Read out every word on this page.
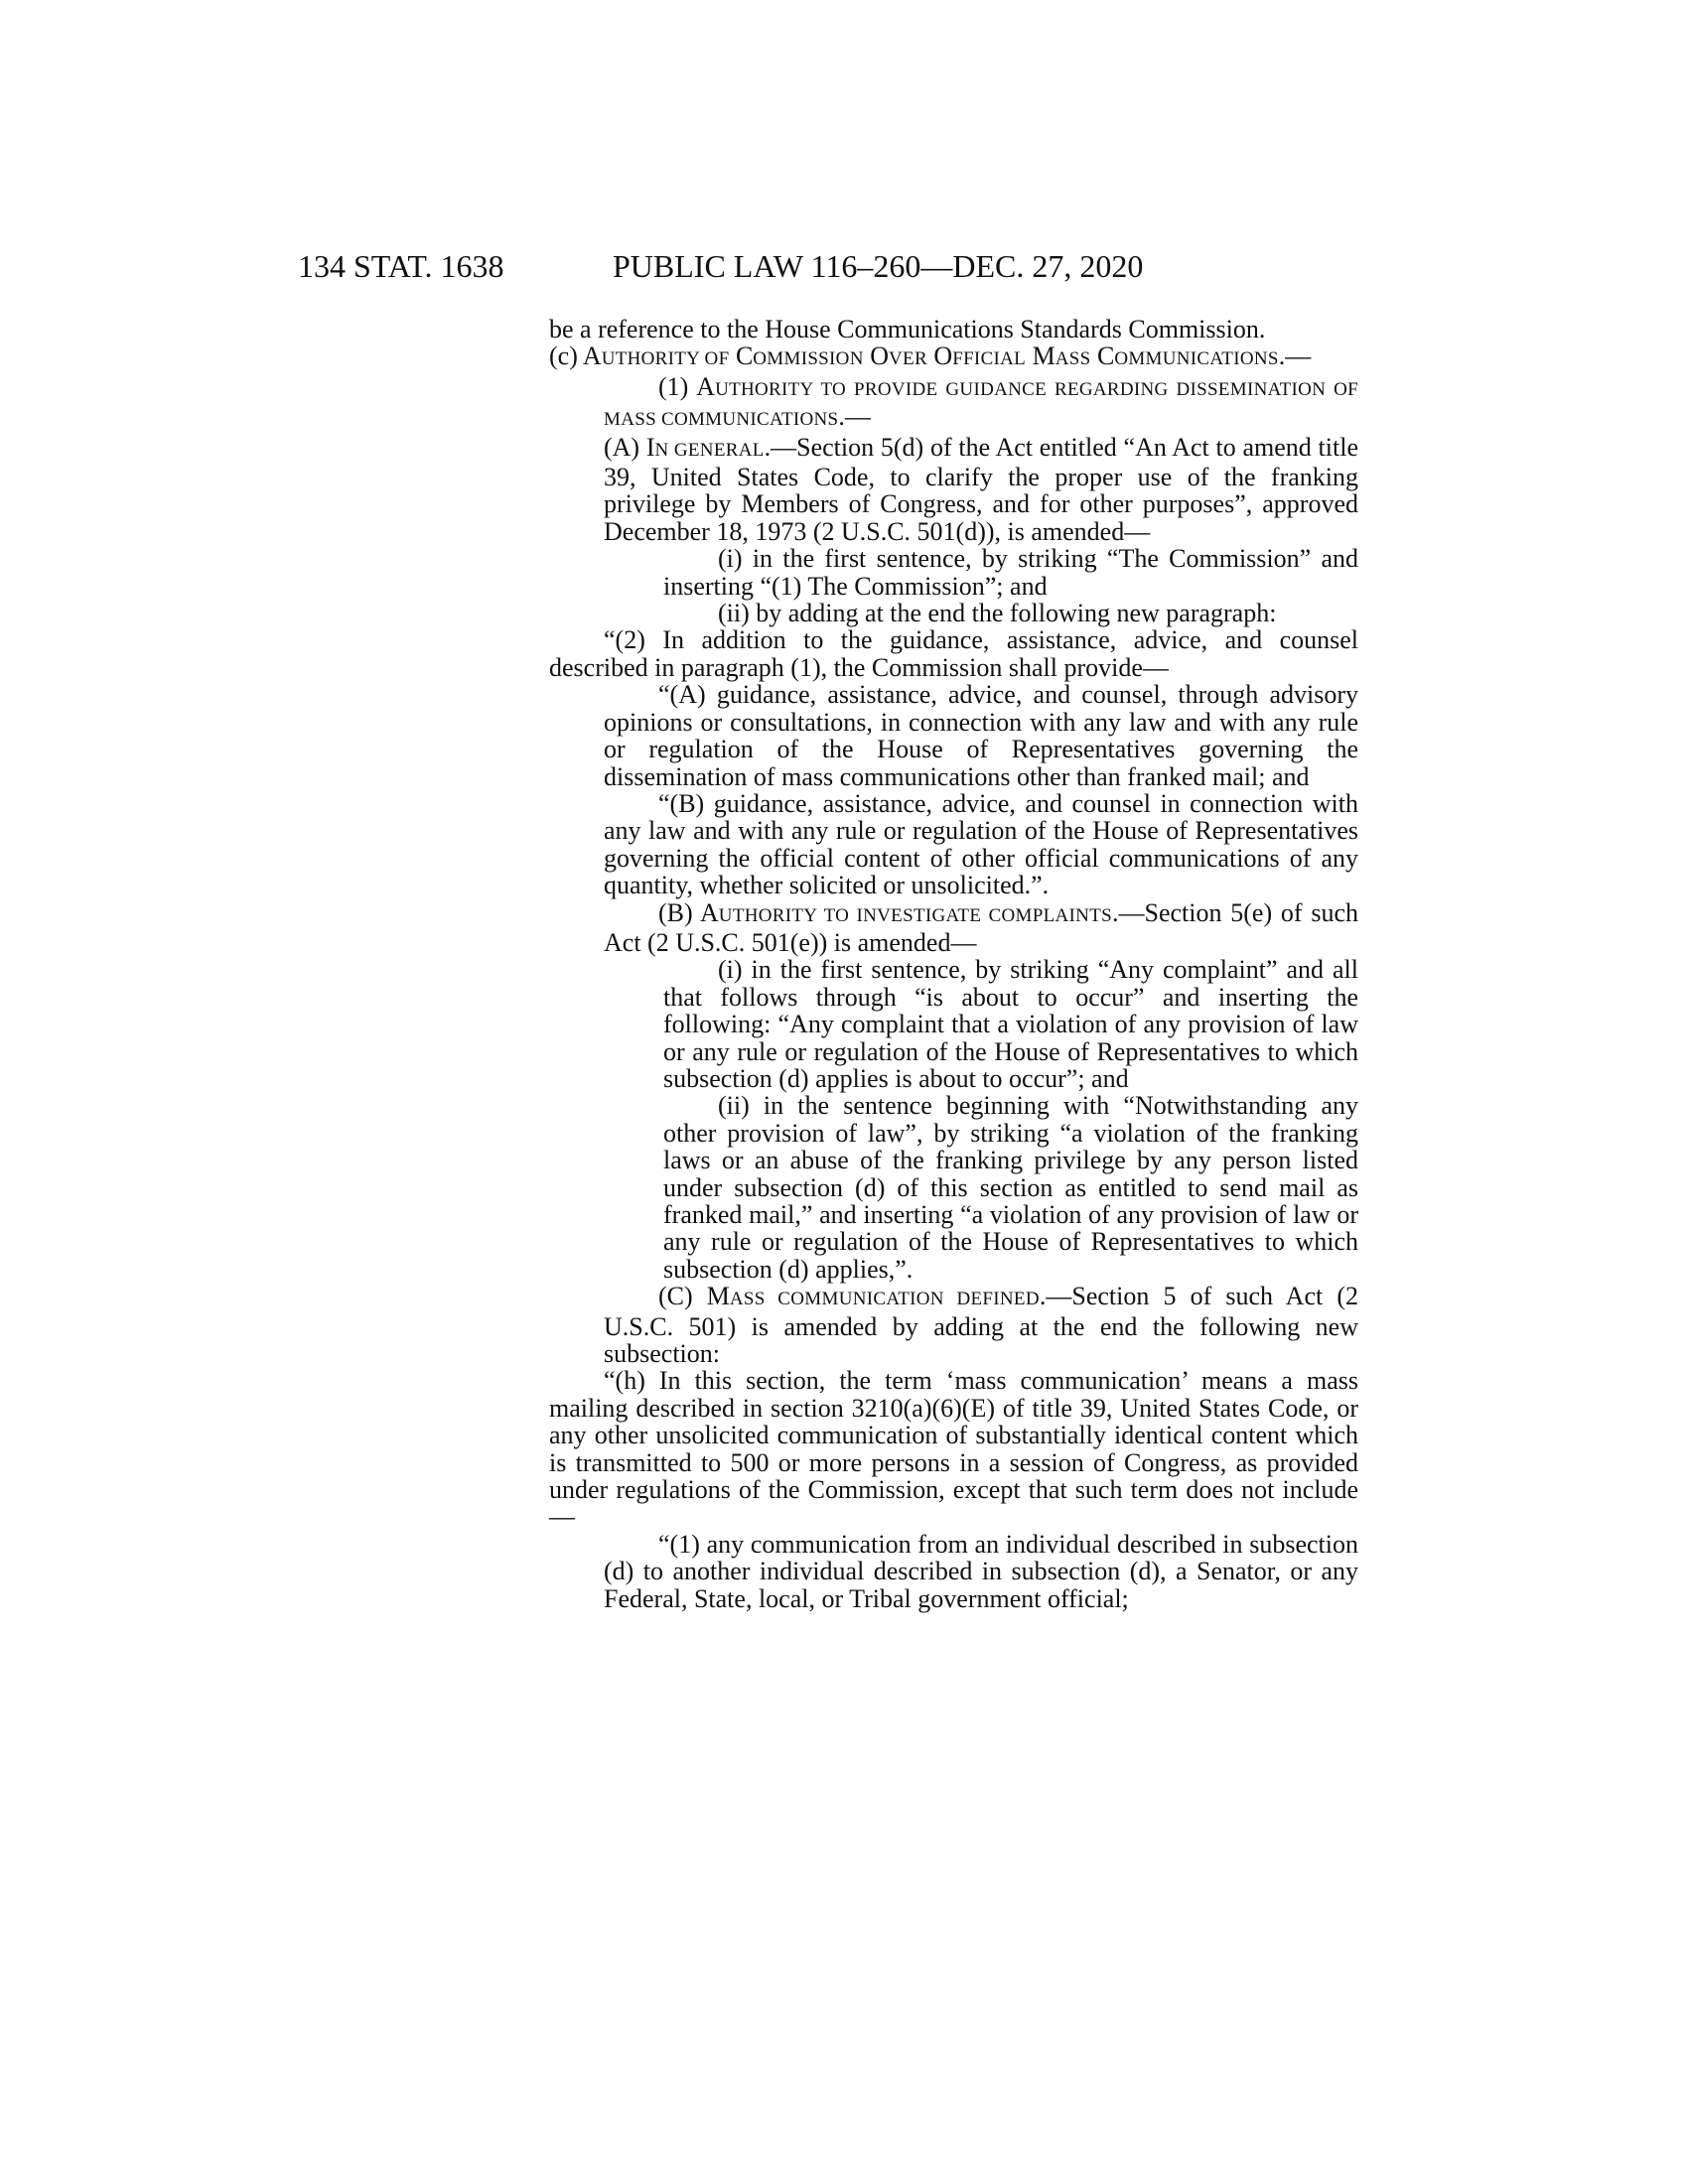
134 STAT. 1638	PUBLIC LAW 116–260—DEC. 27, 2020

be a reference to the House Communications Standards Commission.

(c) AUTHORITY OF COMMISSION OVER OFFICIAL MASS COMMUNICATIONS.—

(1) AUTHORITY TO PROVIDE GUIDANCE REGARDING DISSEMINATION OF MASS COMMUNICATIONS.—

(A) IN GENERAL.—Section 5(d) of the Act entitled “An Act to amend title 39, United States Code, to clarify the proper use of the franking privilege by Members of Congress, and for other purposes”, approved December 18, 1973 (2 U.S.C. 501(d)), is amended—

(i) in the first sentence, by striking “The Commission” and inserting “(1) The Commission”; and

(ii) by adding at the end the following new paragraph:

“(2) In addition to the guidance, assistance, advice, and counsel described in paragraph (1), the Commission shall provide—

“(A) guidance, assistance, advice, and counsel, through advisory opinions or consultations, in connection with any law and with any rule or regulation of the House of Representatives governing the dissemination of mass communications other than franked mail; and

“(B) guidance, assistance, advice, and counsel in connection with any law and with any rule or regulation of the House of Representatives governing the official content of other official communications of any quantity, whether solicited or unsolicited.”.

(B) AUTHORITY TO INVESTIGATE COMPLAINTS.—Section 5(e) of such Act (2 U.S.C. 501(e)) is amended—

(i) in the first sentence, by striking “Any complaint” and all that follows through “is about to occur” and inserting the following: “Any complaint that a violation of any provision of law or any rule or regulation of the House of Representatives to which subsection (d) applies is about to occur”; and

(ii) in the sentence beginning with “Notwithstanding any other provision of law”, by striking “a violation of the franking laws or an abuse of the franking privilege by any person listed under subsection (d) of this section as entitled to send mail as franked mail,” and inserting “a violation of any provision of law or any rule or regulation of the House of Representatives to which subsection (d) applies,”.

(C) MASS COMMUNICATION DEFINED.—Section 5 of such Act (2 U.S.C. 501) is amended by adding at the end the following new subsection:

“(h) In this section, the term ‘mass communication’ means a mass mailing described in section 3210(a)(6)(E) of title 39, United States Code, or any other unsolicited communication of substantially identical content which is transmitted to 500 or more persons in a session of Congress, as provided under regulations of the Commission, except that such term does not include—

“(1) any communication from an individual described in subsection (d) to another individual described in subsection (d), a Senator, or any Federal, State, local, or Tribal government official;
